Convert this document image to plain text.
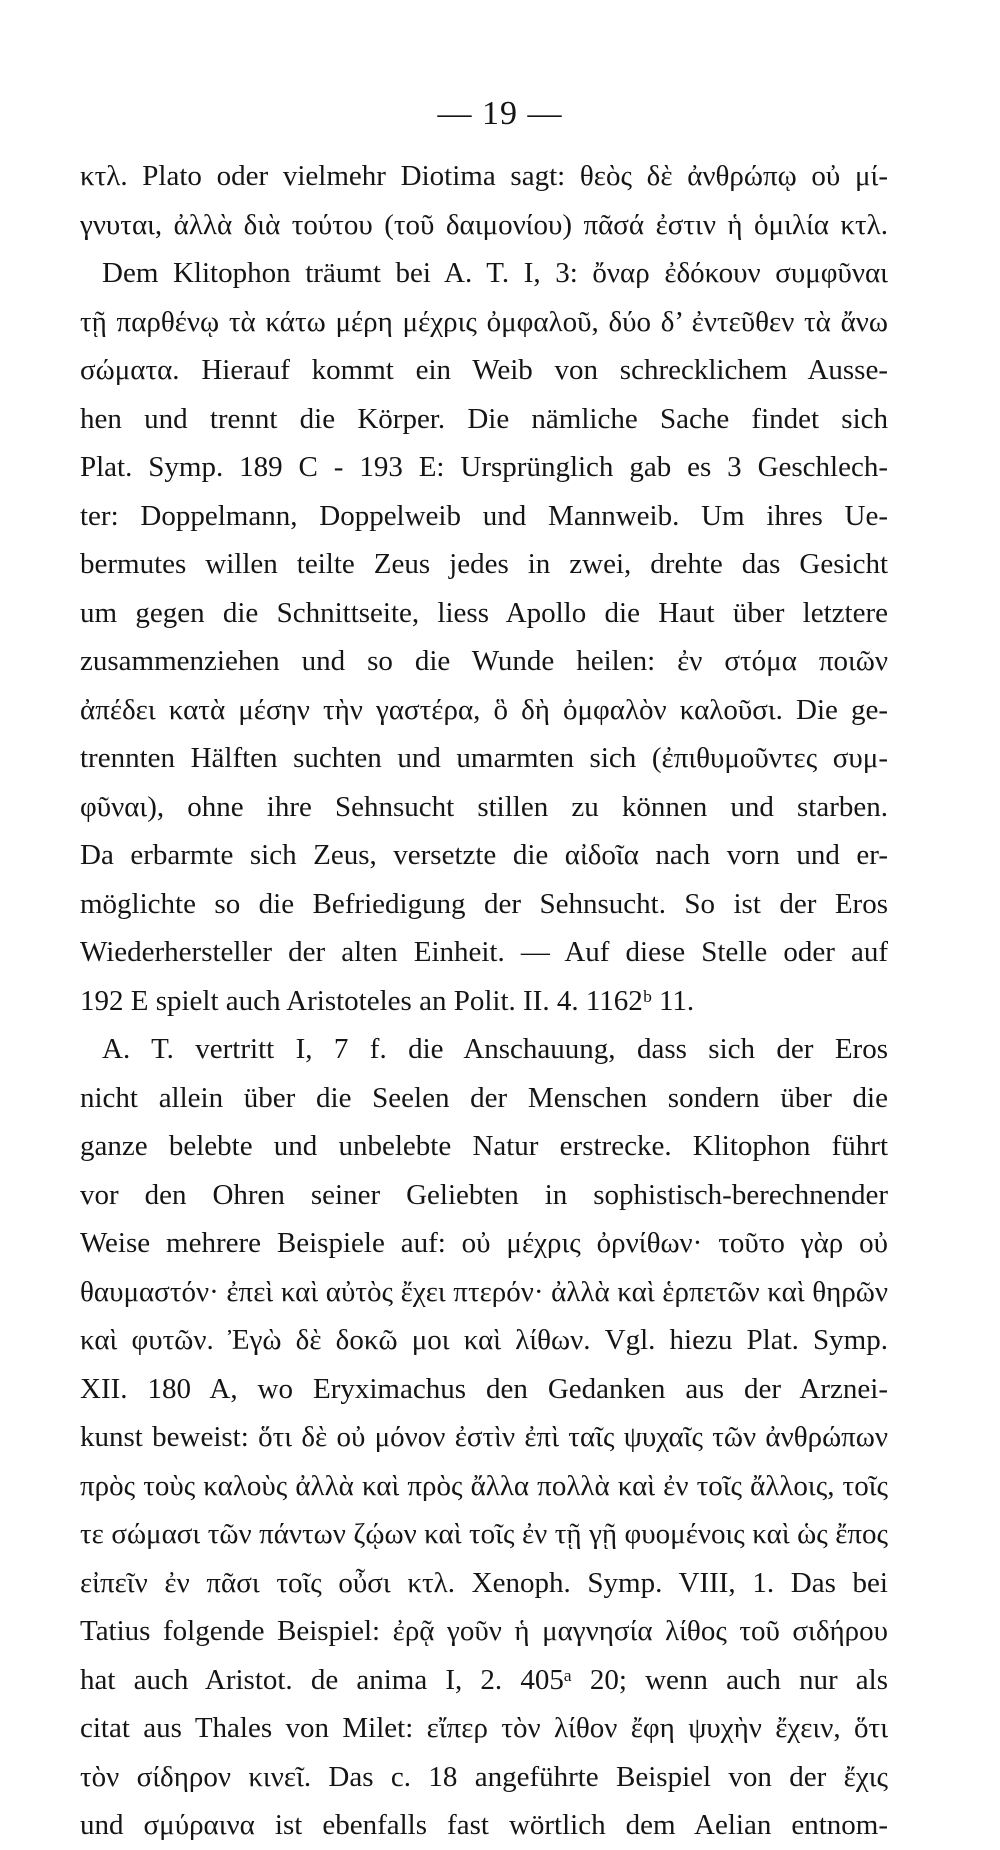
— 19 —
κτλ. Plato oder vielmehr Diotima sagt: θεὸς δὲ ἀνθρώπῳ οὐ μί-
γνυται, ἀλλὰ διὰ τούτου (τοῦ δαιμονίου) πᾶσά ἐστιν ἡ ὁμιλία κτλ.
Dem Klitophon träumt bei A. T. I, 3: ὄναρ ἐδόκουν συμφῦναι
τῇ παρθένῳ τὰ κάτω μέρη μέχρις ὀμφαλοῦ, δύο δ’ ἐντεῦθεν τὰ ἄνω
σώματα. Hierauf kommt ein Weib von schrecklichem Ausse-
hen und trennt die Körper. Die nämliche Sache findet sich
Plat. Symp. 189 C - 193 E: Ursprünglich gab es 3 Geschlech-
ter: Doppelmann, Doppelweib und Mannweib. Um ihres Ue-
bermutes willen teilte Zeus jedes in zwei, drehte das Gesicht
um gegen die Schnittseite, liess Apollo die Haut über letztere
zusammenziehen und so die Wunde heilen: ἐν στόμα ποιῶν
ἀπέδει κατὰ μέσην τὴν γαστέρα, ὃ δὴ ὀμφαλὸν καλοῦσι. Die ge-
trennten Hälften suchten und umarmten sich (ἐπιθυμοῦντες συμ-
φῦναι), ohne ihre Sehnsucht stillen zu können und starben.
Da erbarmte sich Zeus, versetzte die αἰδοῖα nach vorn und er-
möglichte so die Befriedigung der Sehnsucht. So ist der Eros
Wiederhersteller der alten Einheit. — Auf diese Stelle oder auf
192 E spielt auch Aristoteles an Polit. II. 4. 1162ᵇ 11.
A. T. vertritt I, 7 f. die Anschauung, dass sich der Eros
nicht allein über die Seelen der Menschen sondern über die
ganze belebte und unbelebte Natur erstrecke. Klitophon führt
vor den Ohren seiner Geliebten in sophistisch-berechnender
Weise mehrere Beispiele auf: οὐ μέχρις ὀρνίθων· τοῦτο γὰρ οὐ
θαυμαστόν· ἐπεὶ καὶ αὐτὸς ἔχει πτερόν· ἀλλὰ καὶ ἑρπετῶν καὶ θηρῶν
καὶ φυτῶν. Ἐγὼ δὲ δοκῶ μοι καὶ λίθων. Vgl. hiezu Plat. Symp.
XII. 180 A, wo Eryximachus den Gedanken aus der Arznei-
kunst beweist: ὅτι δὲ οὐ μόνον ἐστὶν ἐπὶ ταῖς ψυχαῖς τῶν ἀνθρώπων
πρὸς τοὺς καλοὺς ἀλλὰ καὶ πρὸς ἄλλα πολλὰ καὶ ἐν τοῖς ἄλλοις, τοῖς
τε σώμασι τῶν πάντων ζῴων καὶ τοῖς ἐν τῇ γῇ φυομένοις καὶ ὡς ἔπος
εἰπεῖν ἐν πᾶσι τοῖς οὖσι κτλ. Xenoph. Symp. VIII, 1. Das bei
Tatius folgende Beispiel: ἐρᾷ γοῦν ἡ μαγνησία λίθος τοῦ σιδήρου
hat auch Aristot. de anima I, 2. 405ᵃ 20; wenn auch nur als
citat aus Thales von Milet: εἴπερ τὸν λίθον ἔφη ψυχὴν ἔχειν, ὅτι
τὸν σίδηρον κινεῖ. Das c. 18 angeführte Beispiel von der ἔχις
und σμύραινα ist ebenfalls fast wörtlich dem Aelian entnom-
